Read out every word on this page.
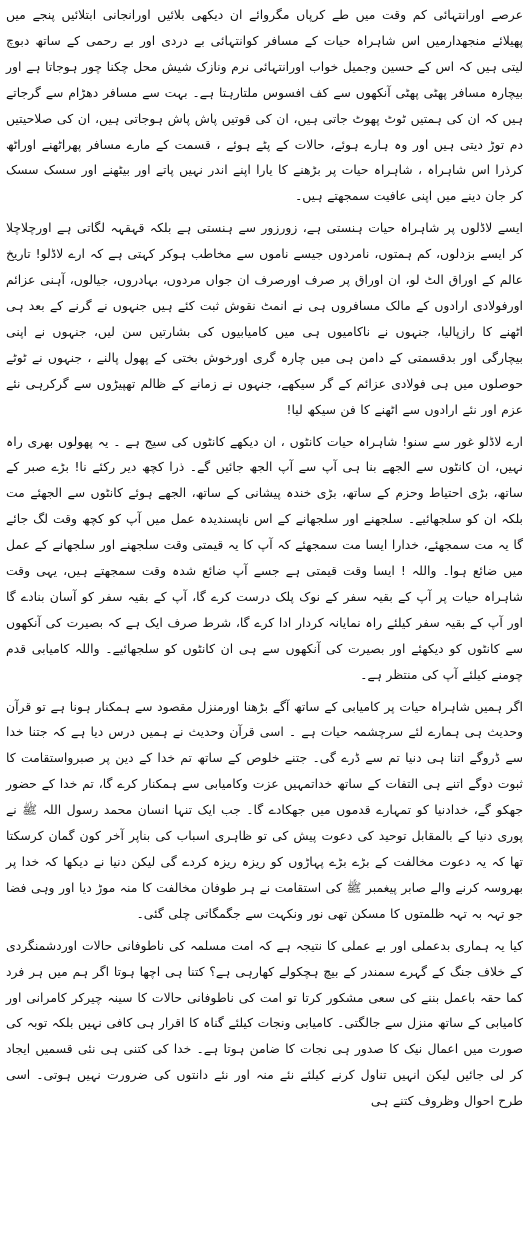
عرصے اورانتہائی کم وقت میں طے کرپاں مگروائے ان دیکھی بلائیں اورانجانی ابتلائیں پنجے میں پھیلائے منجھدارمیں اس شاہراہ حیات کے مسافر کوانتہائی بے دردی اور بے رحمی کے ساتھ دبوچ لیتی ہیں کہ اس کے حسین وجمیل خواب اورانتہائی نرم ونازک شیش محل چکنا چور ہوجاتا ہے اور بیچارہ مسافر پھٹی پھٹی آنکھوں سے کف افسوس ملتارہتا ہے۔ بہت سے مسافر دھڑام سے گرجاتے ہیں کہ ان کی ہمتیں ٹوٹ پھوٹ جاتی ہیں، ان کی قوتیں پاش پاش ہوجاتی ہیں، ان کی صلاحیتیں دم توڑ دیتی ہیں اور وہ ہارے ہوئے، حالات کے پٹے ہوئے ، قسمت کے مارے مسافر پھراٹھنے اوراٹھ کرذرا اس شاہراہ ، شاہراہ حیات پر بڑھنے کا یارا اپنے اندر نہیں پاتے اور بیٹھنے اور سسک سسک کر جان دینے میں اپنی عافیت سمجھتے ہیں۔

ایسے لاڈلوں پر شاہراہ حیات ہنستی ہے، زورزور سے ہنستی ہے بلکہ قہقہہ لگاتی ہے اورچلاچلا کر ایسے بزدلوں، کم ہمتوں، نامردوں جیسے ناموں سے مخاطب ہوکر کہتی ہے کہ ارے لاڈلو! تاریخ عالم کے اوراق الٹ لو، ان اوراق پر صرف اورصرف ان جواں مردوں، بہادروں، جیالوں، آہنی عزائم اورفولادی ارادوں کے مالک مسافروں ہی نے انمٹ نقوش ثبت کئے ہیں جنہوں نے گرنے کے بعد ہی اٹھنے کا رازپالیا، جنہوں نے ناکامیوں ہی میں کامیابیوں کی بشارتیں سن لیں، جنہوں نے اپنی بیچارگی اور بدقسمتی کے دامن ہی میں چارہ گری اورخوش بختی کے پھول پالنے ، جنہوں نے ٹوٹے حوصلوں میں ہی فولادی عزائم کے گر سیکھے، جنہوں نے زمانے کے ظالم تھپیڑوں سے گرکرہی نئے عزم اور نئے ارادوں سے اٹھنے کا فن سیکھ لیا!

ارے لاڈلو غور سے سنو! شاہراہ حیات کانٹوں ، ان دیکھے کانٹوں کی سیج ہے ۔ یہ پھولوں بھری راہ نہیں، ان کانٹوں سے الجھے بنا ہی آپ سے آپ الجھ جائیں گے۔ ذرا کچھ دیر رکئے نا! بڑے صبر کے ساتھ، بڑی احتیاط وحزم کے ساتھ، بڑی خندہ پیشانی کے ساتھ، الجھے ہوئے کانٹوں سے الجھئے مت بلکہ ان کو سلجھائیے۔ سلجھنے اور سلجھانے کے اس ناپسندیدہ عمل میں آپ کو کچھ وقت لگ جائے گا یہ مت سمجھئے، خدارا ایسا مت سمجھئے کہ آپ کا یہ قیمتی وقت سلجھنے اور سلجھانے کے عمل میں ضائع ہوا۔ واللہ ! ایسا وقت قیمتی ہے جسے آپ ضائع شدہ وقت سمجھتے ہیں، یہی وقت شاہراہ حیات پر آپ کے بقیہ سفر کے نوک پلک درست کرے گا، آپ کے بقیہ سفر کو آسان بنادے گا اور آپ کے بقیہ سفر کیلئے راہ نمایانہ کردار ادا کرے گا، شرط صرف ایک ہے کہ بصیرت کی آنکھوں سے کانٹوں کو دیکھئے اور بصیرت کی آنکھوں سے ہی ان کانٹوں کو سلجھائیے۔ واللہ کامیابی قدم چومنے کیلئے آپ کی منتظر ہے۔

اگر ہمیں شاہراہ حیات پر کامیابی کے ساتھ آگے بڑھنا اورمنزل مقصود سے ہمکنار ہونا ہے تو قرآن وحدیث ہی ہمارے لئے سرچشمہ حیات ہے ۔ اسی قرآن وحدیث نے ہمیں درس دیا ہے کہ جتنا خدا سے ڈروگے اتنا ہی دنیا تم سے ڈرے گی۔ جتنے خلوص کے ساتھ تم خدا کے دین پر صبرواستقامت کا ثبوت دوگے اتنے ہی التفات کے ساتھ خداتمہیں عزت وکامیابی سے ہمکنار کرے گا، تم خدا کے حضور جھکو گے، خدادنیا کو تمہارے قدموں میں جھکادے گا۔ جب ایک تنہا انسان محمد رسول اللہ ﷺ نے پوری دنیا کے بالمقابل توحید کی دعوت پیش کی تو ظاہری اسباب کی بناپر آخر کون گمان کرسکتا تھا کہ یہ دعوت مخالفت کے بڑے بڑے پہاڑوں کو ریزہ ریزہ کردے گی لیکن دنیا نے دیکھا کہ خدا پر بھروسہ کرنے والے صابر پیغمبر ﷺ کی استقامت نے ہر طوفان مخالفت کا منہ موڑ دیا اور وہی فضا جو تہہ بہ تہہ ظلمتوں کا مسکن تھی نور ونکہت سے جگمگاتی چلی گئی۔

کیا یہ ہماری بدعملی اور بے عملی کا نتیجہ ہے کہ امت مسلمہ کی ناطوفانی حالات اوردشمنگردی کے خلاف جنگ کے گہرے سمندر کے بیچ ہچکولے کھارہی ہے؟ کتنا ہی اچھا ہوتا اگر ہم میں ہر فرد کما حقہ باعمل بننے کی سعی مشکور کرتا تو امت کی ناطوفانی حالات کا سینہ چیرکر کامرانی اور کامیابی کے ساتھ منزل سے جالگتی۔ کامیابی ونجات کیلئے گناہ کا اقرار ہی کافی نہیں بلکہ توبہ کی صورت میں اعمال نیک کا صدور ہی نجات کا ضامن ہوتا ہے۔ خدا کی کتنی ہی نئی قسمیں ایجاد کر لی جائیں لیکن انہیں تناول کرنے کیلئے نئے منہ اور نئے دانتوں کی ضرورت نہیں ہوتی۔ اسی طرح احوال وظروف کتنے ہی
